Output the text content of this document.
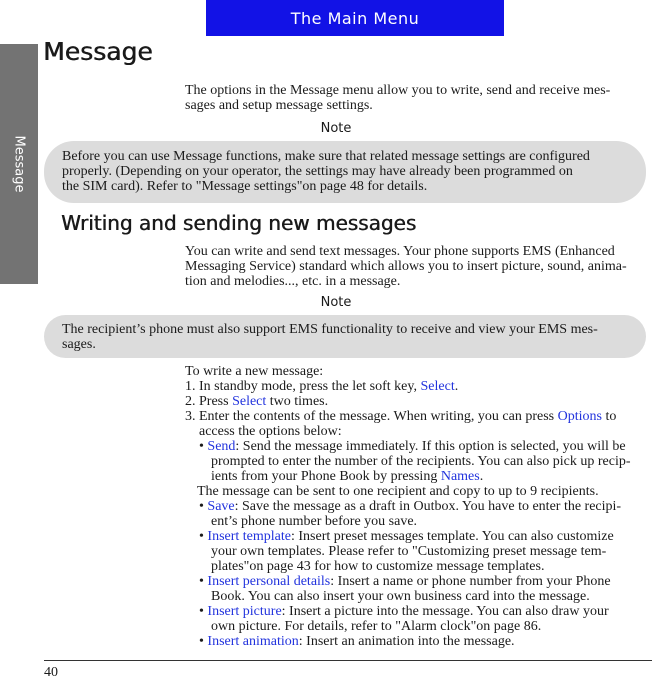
The Main Menu
Message
Message

The options in the Message menu allow you to write, send and receive mes-

sages and setup message settings.

Note

Before you can use Message functions, make sure that related message settings are configured

properly. (Depending on your operator, the settings may have already been programmed on

the SIM card). Refer to "Message settings"on page 48 for details.

Writing and sending new messages

You can write and send text messages. Your phone supports EMS (Enhanced

Messaging Service) standard which allows you to insert picture, sound, anima-

tion and melodies..., etc. in a message.

Note

The recipient’s phone must also support EMS functionality to receive and view your EMS mes-

sages.

To write a new message:

1. In standby mode, press the let soft key, Select.

2. Press Select two times.

3. Enter the contents of the message. When writing, you can press Options to

access the options below:

• Send: Send the message immediately. If this option is selected, you will be

prompted to enter the number of the recipients. You can also pick up recip-

ients from your Phone Book by pressing Names.

The message can be sent to one recipient and copy to up to 9 recipients.

• Save: Save the message as a draft in Outbox. You have to enter the recipi-

ent’s phone number before you save.

• Insert template: Insert preset messages template. You can also customize

your own templates. Please refer to "Customizing preset message tem-

plates"on page 43 for how to customize message templates.

• Insert personal details: Insert a name or phone number from your Phone

Book. You can also insert your own business card into the message.

• Insert picture: Insert a picture into the message. You can also draw your

own picture. For details, refer to "Alarm clock"on page 86.

• Insert animation: Insert an animation into the message.

40
